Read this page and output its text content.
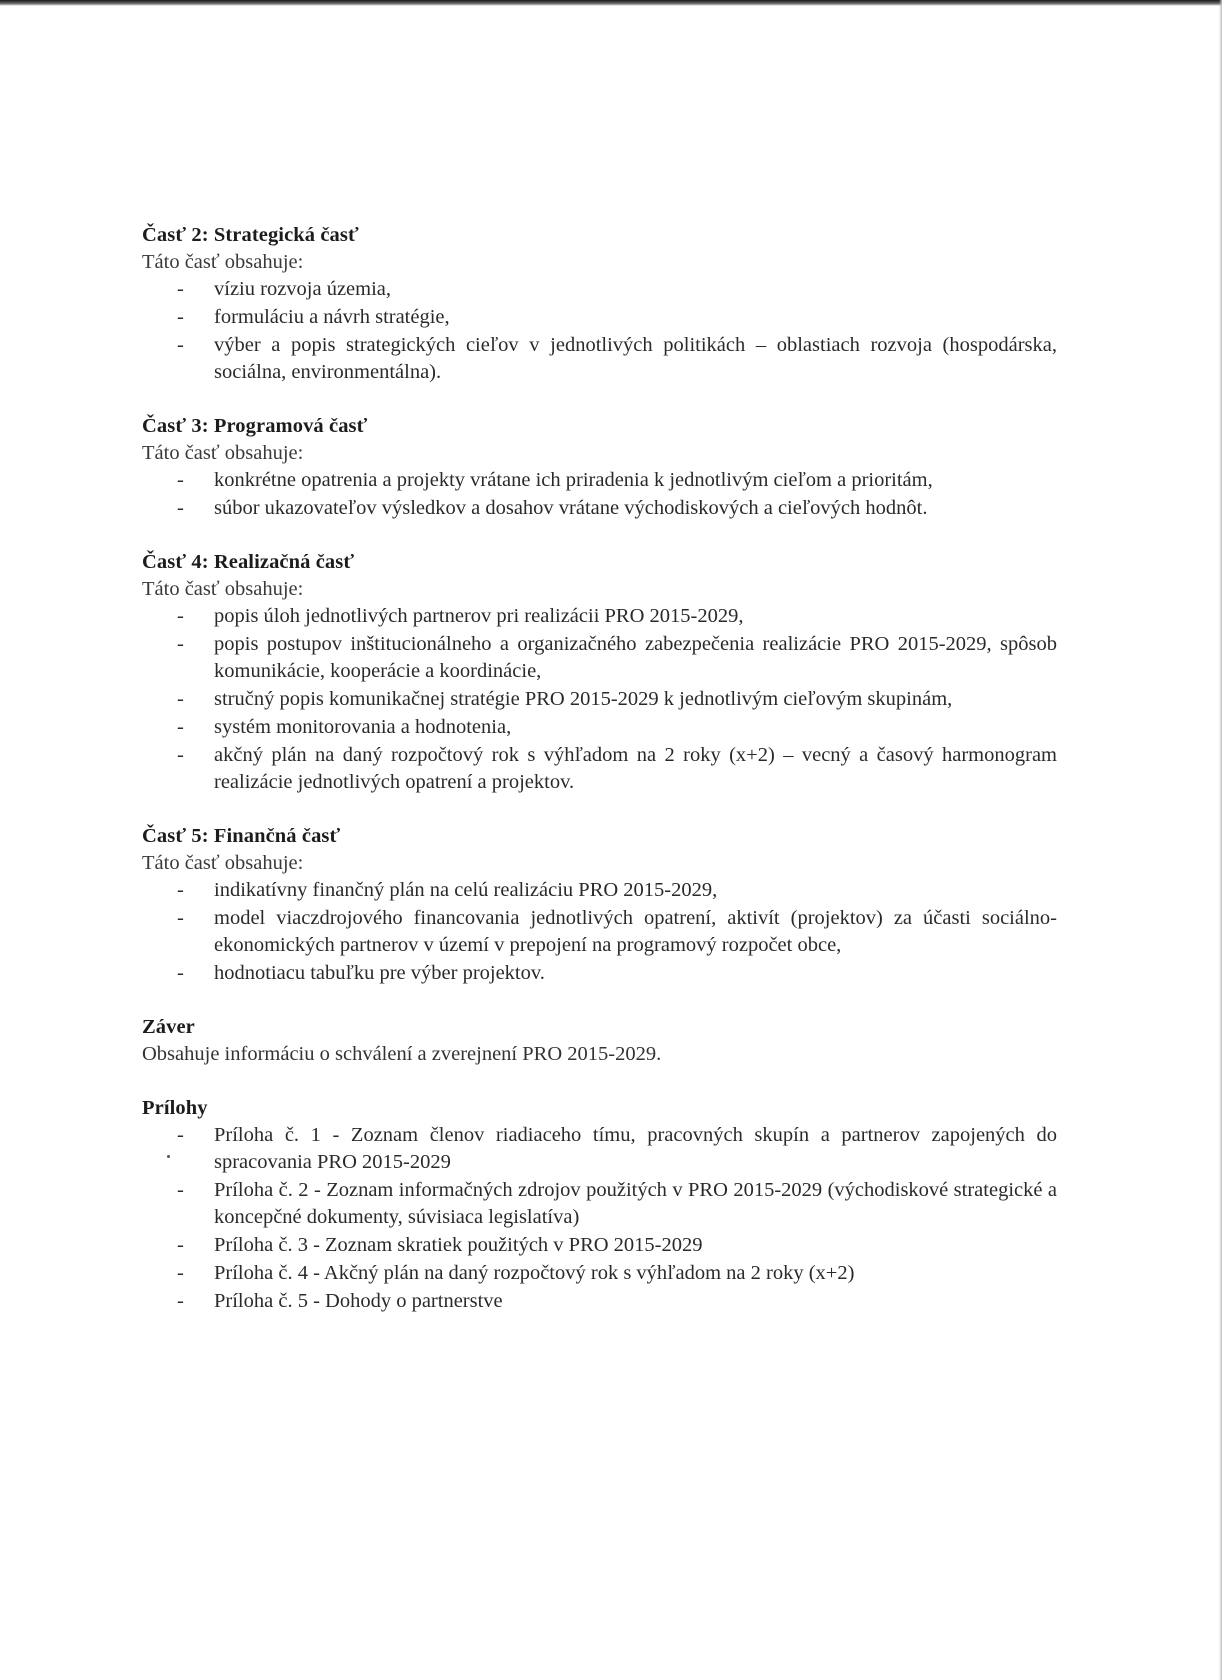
Časť 2: Strategická časť
Táto časť obsahuje:
- víziu rozvoja územia,
- formuláciu a návrh stratégie,
- výber a popis strategických cieľov v jednotlivých politikách – oblastiach rozvoja (hospodárska, sociálna, environmentálna).
Časť 3: Programová časť
Táto časť obsahuje:
- konkrétne opatrenia a projekty vrátane ich priradenia k jednotlivým cieľom a prioritám,
- súbor ukazovateľov výsledkov a dosahov vrátane východiskových a cieľových hodnôt.
Časť 4: Realizačná časť
Táto časť obsahuje:
- popis úloh jednotlivých partnerov pri realizácii PRO 2015-2029,
- popis postupov inštitucionálneho a organizačného zabezpečenia realizácie PRO 2015-2029, spôsob komunikácie, kooperácie a koordinácie,
- stručný popis komunikačnej stratégie PRO 2015-2029 k jednotlivým cieľovým skupinám,
- systém monitorovania a hodnotenia,
- akčný plán na daný rozpočtový rok s výhľadom na 2 roky (x+2) – vecný a časový harmonogram realizácie jednotlivých opatrení a projektov.
Časť 5: Finančná časť
Táto časť obsahuje:
- indikatívny finančný plán na celú realizáciu PRO 2015-2029,
- model viaczdrojového financovania jednotlivých opatrení, aktivít (projektov) za účasti sociálno-ekonomických partnerov v území v prepojení na programový rozpočet obce,
- hodnotiacu tabuľku pre výber projektov.
Záver
Obsahuje informáciu o schválení a zverejnení PRO 2015-2029.
Prílohy
- Príloha č. 1 - Zoznam členov riadiaceho tímu, pracovných skupín a partnerov zapojených do spracovania PRO 2015-2029
- Príloha č. 2 - Zoznam informačných zdrojov použitých v PRO 2015-2029 (východiskové strategické a koncepčné dokumenty, súvisiaca legislatíva)
- Príloha č. 3 - Zoznam skratiek použitých v PRO 2015-2029
- Príloha č. 4 - Akčný plán na daný rozpočtový rok s výhľadom na 2 roky (x+2)
- Príloha č. 5 - Dohody o partnerstve
